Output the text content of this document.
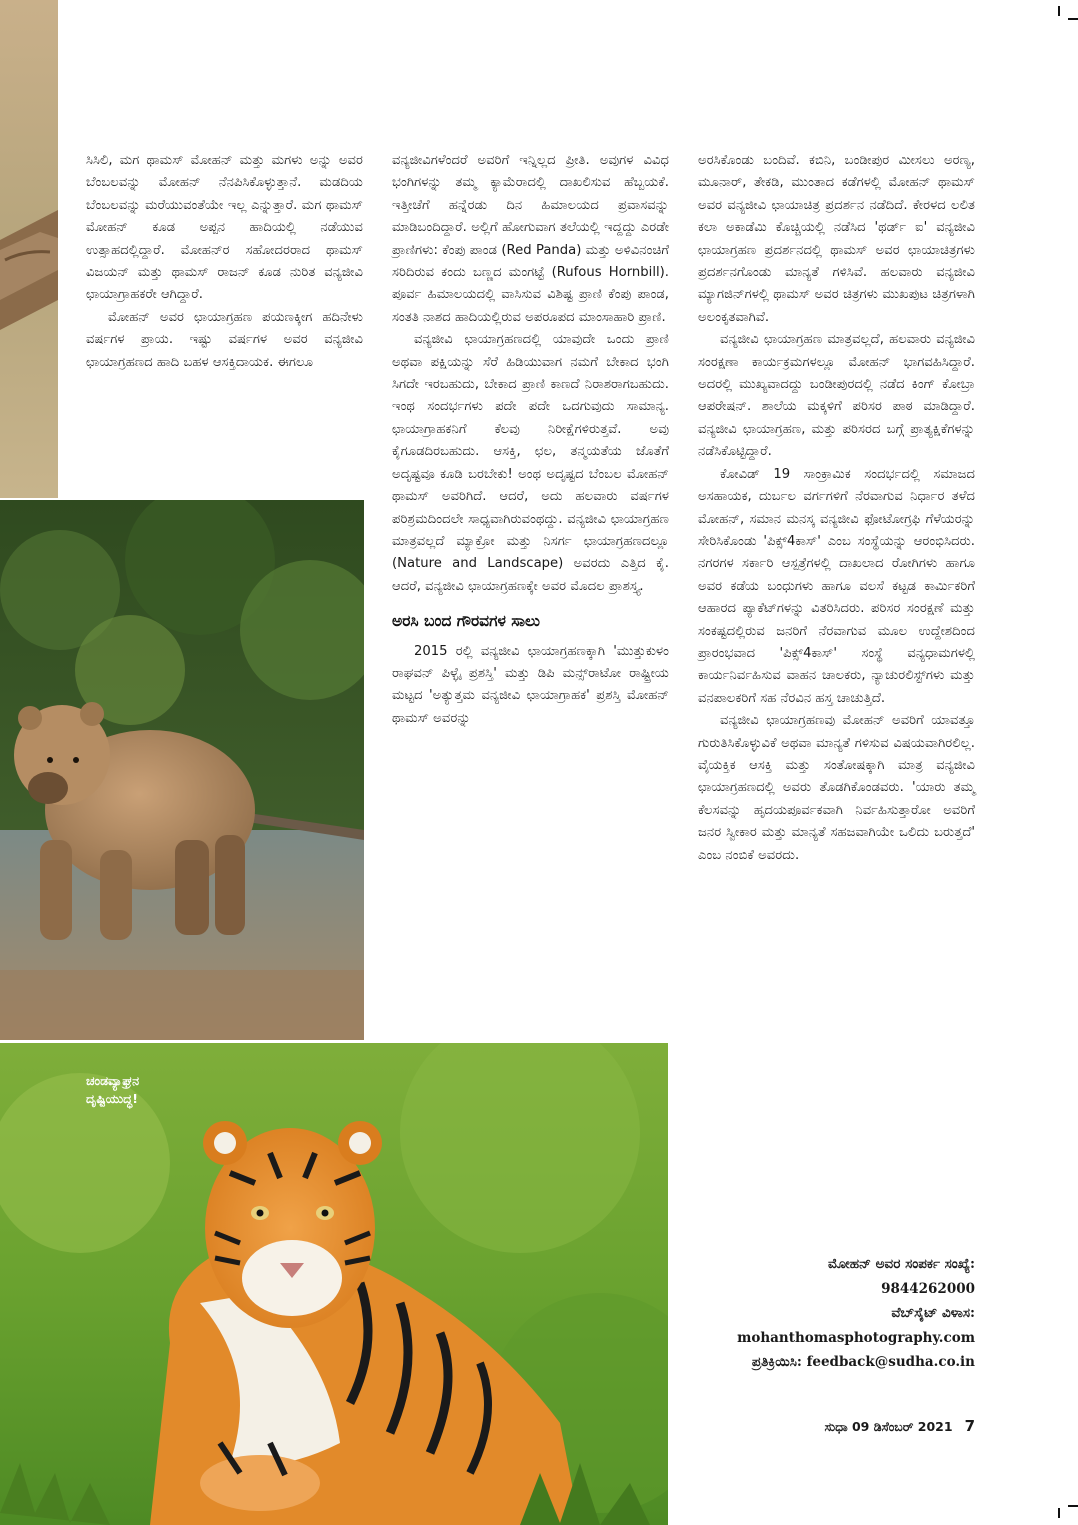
ಚಂಡವ್ಯಾಘ್ರನ
ದೃಷ್ಟಿಯುದ್ಧ!

ಸಿಸಿಲಿ, ಮಗ ಥಾಮಸ್ ಮೋಹನ್ ಮತ್ತು ಮಗಳು ಅನ್ನು ಅವರ ಬೆಂಬಲವನ್ನು ಮೋಹನ್ ನೆನಪಿಸಿಕೊಳ್ಳುತ್ತಾನೆ. ಮಡದಿಯ ಬೆಂಬಲವನ್ನು ಮರೆಯುವಂತೆಯೇ ಇಲ್ಲ ಎನ್ನುತ್ತಾರೆ. ಮಗ ಥಾಮಸ್ ಮೋಹನ್ ಕೂಡ ಅಪ್ಪನ ಹಾದಿಯಲ್ಲಿ ನಡೆಯುವ ಉತ್ಸಾಹದಲ್ಲಿದ್ದಾರೆ. ಮೋಹನ್‌ರ ಸಹೋದರರಾದ ಥಾಮಸ್ ವಿಜಯನ್ ಮತ್ತು ಥಾಮಸ್ ರಾಜನ್ ಕೂಡ ನುರಿತ ವನ್ಯಜೀವಿ ಛಾಯಾಗ್ರಾಹಕರೇ ಆಗಿದ್ದಾರೆ.

ಮೋಹನ್ ಅವರ ಛಾಯಾಗ್ರಹಣ ಪಯಣಕ್ಕೀಗ ಹದಿನೇಳು ವರ್ಷಗಳ ಪ್ರಾಯ. ಇಷ್ಟು ವರ್ಷಗಳ ಅವರ ವನ್ಯಜೀವಿ ಛಾಯಾಗ್ರಹಣದ ಹಾದಿ ಬಹಳ ಆಸಕ್ತಿದಾಯಕ. ಈಗಲೂ

ವನ್ಯಜೀವಿಗಳೆಂದರೆ ಅವರಿಗೆ ಇನ್ನಿಲ್ಲದ ಪ್ರೀತಿ. ಅವುಗಳ ವಿವಿಧ ಭಂಗಿಗಳನ್ನು ತಮ್ಮ ಕ್ಯಾಮೆರಾದಲ್ಲಿ ದಾಖಲಿಸುವ ಹೆಬ್ಬಯಕೆ. ಇತ್ತೀಚೆಗೆ ಹನ್ನೆರಡು ದಿನ ಹಿಮಾಲಯದ ಪ್ರವಾಸವನ್ನು ಮಾಡಿಬಂದಿದ್ದಾರೆ. ಅಲ್ಲಿಗೆ ಹೋಗುವಾಗ ತಲೆಯಲ್ಲಿ ಇದ್ದದ್ದು ಎರಡೇ ಪ್ರಾಣಿಗಳು: ಕೆಂಪು ಪಾಂಡ (Red Panda) ಮತ್ತು ಅಳಿವಿನಂಚಿಗೆ ಸರಿದಿರುವ ಕಂದು ಬಣ್ಣದ ಮಂಗಟ್ಟೆ (Rufous Hornbill). ಪೂರ್ವ ಹಿಮಾಲಯದಲ್ಲಿ ವಾಸಿಸುವ ವಿಶಿಷ್ಟ ಪ್ರಾಣಿ ಕೆಂಪು ಪಾಂಡ, ಸಂತತಿ ನಾಶದ ಹಾದಿಯಲ್ಲಿರುವ ಅಪರೂಪದ ಮಾಂಸಾಹಾರಿ ಪ್ರಾಣಿ.

ವನ್ಯಜೀವಿ ಛಾಯಾಗ್ರಹಣದಲ್ಲಿ ಯಾವುದೇ ಒಂದು ಪ್ರಾಣಿ ಅಥವಾ ಪಕ್ಷಿಯನ್ನು ಸೆರೆ ಹಿಡಿಯುವಾಗ ನಮಗೆ ಬೇಕಾದ ಭಂಗಿ ಸಿಗದೇ ಇರಬಹುದು, ಬೇಕಾದ ಪ್ರಾಣಿ ಕಾಣದೆ ನಿರಾಶರಾಗಬಹುದು. ಇಂಥ ಸಂದರ್ಭಗಳು ಪದೇ ಪದೇ ಒದಗುವುದು ಸಾಮಾನ್ಯ. ಛಾಯಾಗ್ರಾಹಕನಿಗೆ ಕೆಲವು ನಿರೀಕ್ಷೆಗಳಿರುತ್ತವೆ. ಅವು ಕೈಗೂಡದಿರಬಹುದು. ಆಸಕ್ತಿ, ಛಲ, ತನ್ಮಯತೆಯ ಜೊತೆಗೆ ಅದೃಷ್ಟವೂ ಕೂಡಿ ಬರಬೇಕು! ಅಂಥ ಅದೃಷ್ಟದ ಬೆಂಬಲ ಮೋಹನ್ ಥಾಮಸ್ ಅವರಿಗಿದೆ. ಆದರೆ, ಅದು ಹಲವಾರು ವರ್ಷಗಳ ಪರಿಶ್ರಮದಿಂದಲೇ ಸಾಧ್ಯವಾಗಿರುವಂಥದ್ದು. ವನ್ಯಜೀವಿ ಛಾಯಾಗ್ರಹಣ ಮಾತ್ರವಲ್ಲದೆ ಮ್ಯಾಕ್ರೋ ಮತ್ತು ನಿಸರ್ಗ ಛಾಯಾಗ್ರಹಣದಲ್ಲೂ (Nature and Landscape) ಅವರದು ಎತ್ತಿದ ಕೈ. ಆದರೆ, ವನ್ಯಜೀವಿ ಛಾಯಾಗ್ರಹಣಕ್ಕೇ ಅವರ ಮೊದಲ ಪ್ರಾಶಸ್ತ್ಯ.

ಅರಸಿ ಬಂದ ಗೌರವಗಳ ಸಾಲು

2015 ರಲ್ಲಿ ವನ್ಯಜೀವಿ ಛಾಯಾಗ್ರಹಣಕ್ಕಾಗಿ 'ಮುತ್ತುಕುಳಂ ರಾಘವನ್ ಪಿಳ್ಳೈ ಪ್ರಶಸ್ತಿ' ಮತ್ತು ಡಿಪಿ ಮನ್ಸ್‌ರಾಟೋ ರಾಷ್ಟ್ರೀಯ ಮಟ್ಟದ 'ಅತ್ಯುತ್ತಮ ವನ್ಯಜೀವಿ ಛಾಯಾಗ್ರಾಹಕ' ಪ್ರಶಸ್ತಿ ಮೋಹನ್ ಥಾಮಸ್ ಅವರನ್ನು

ಅರಸಿಕೊಂಡು ಬಂದಿವೆ. ಕಬಿನಿ, ಬಂಡೀಪುರ ಮೀಸಲು ಅರಣ್ಯ, ಮೂನಾರ್, ತೇಕಡಿ, ಮುಂತಾದ ಕಡೆಗಳಲ್ಲಿ ಮೋಹನ್ ಥಾಮಸ್ ಅವರ ವನ್ಯಜೀವಿ ಛಾಯಾಚಿತ್ರ ಪ್ರದರ್ಶನ ನಡೆದಿದೆ. ಕೇರಳದ ಲಲಿತ ಕಲಾ ಅಕಾಡೆಮಿ ಕೊಚ್ಚಿಯಲ್ಲಿ ನಡೆಸಿದ 'ಥರ್ಡ್ ಐ' ವನ್ಯಜೀವಿ ಛಾಯಾಗ್ರಹಣ ಪ್ರದರ್ಶನದಲ್ಲಿ ಥಾಮಸ್ ಅವರ ಛಾಯಾಚಿತ್ರಗಳು ಪ್ರದರ್ಶನಗೊಂಡು ಮಾನ್ಯತೆ ಗಳಿಸಿವೆ. ಹಲವಾರು ವನ್ಯಜೀವಿ ಮ್ಯಾಗಜಿನ್‌ಗಳಲ್ಲಿ ಥಾಮಸ್ ಅವರ ಚಿತ್ರಗಳು ಮುಖಪುಟ ಚಿತ್ರಗಳಾಗಿ ಅಲಂಕೃತವಾಗಿವೆ.

ವನ್ಯಜೀವಿ ಛಾಯಾಗ್ರಹಣ ಮಾತ್ರವಲ್ಲದೆ, ಹಲವಾರು ವನ್ಯಜೀವಿ ಸಂರಕ್ಷಣಾ ಕಾರ್ಯಕ್ರಮಗಳಲ್ಲೂ ಮೋಹನ್ ಭಾಗವಹಿಸಿದ್ದಾರೆ. ಅದರಲ್ಲಿ ಮುಖ್ಯವಾದದ್ದು ಬಂಡೀಪುರದಲ್ಲಿ ನಡೆದ ಕಿಂಗ್ ಕೋಬ್ರಾ ಆಪರೇಷನ್. ಶಾಲೆಯ ಮಕ್ಕಳಿಗೆ ಪರಿಸರ ಪಾಠ ಮಾಡಿದ್ದಾರೆ. ವನ್ಯಜೀವಿ ಛಾಯಾಗ್ರಹಣ, ಮತ್ತು ಪರಿಸರದ ಬಗ್ಗೆ ಪ್ರಾತ್ಯಕ್ಷಿಕೆಗಳನ್ನು ನಡೆಸಿಕೊಟ್ಟಿದ್ದಾರೆ.

ಕೋವಿಡ್ 19 ಸಾಂಕ್ರಾಮಿಕ ಸಂದರ್ಭದಲ್ಲಿ ಸಮಾಜದ ಅಸಹಾಯಕ, ದುರ್ಬಲ ವರ್ಗಗಳಿಗೆ ನೆರವಾಗುವ ನಿರ್ಧಾರ ತಳೆದ ಮೋಹನ್, ಸಮಾನ ಮನಸ್ಕ ವನ್ಯಜೀವಿ ಫೋಟೋಗ್ರಫಿ ಗೆಳೆಯರನ್ನು ಸೇರಿಸಿಕೊಂಡು 'ಪಿಕ್ಸ್4ಕಾಸ್' ಎಂಬ ಸಂಸ್ಥೆಯನ್ನು ಆರಂಭಿಸಿದರು. ನಗರಗಳ ಸರ್ಕಾರಿ ಆಸ್ಪತ್ರೆಗಳಲ್ಲಿ ದಾಖಲಾದ ರೋಗಿಗಳು ಹಾಗೂ ಅವರ ಕಡೆಯ ಬಂಧುಗಳು ಹಾಗೂ ವಲಸೆ ಕಟ್ಟಡ ಕಾರ್ಮಿಕರಿಗೆ ಆಹಾರದ ಪ್ಯಾಕೆಟ್‌ಗಳನ್ನು ವಿತರಿಸಿದರು. ಪರಿಸರ ಸಂರಕ್ಷಣೆ ಮತ್ತು ಸಂಕಷ್ಟದಲ್ಲಿರುವ ಜನರಿಗೆ ನೆರವಾಗುವ ಮೂಲ ಉದ್ದೇಶದಿಂದ ಪ್ರಾರಂಭವಾದ 'ಪಿಕ್ಸ್4ಕಾಸ್' ಸಂಸ್ಥೆ ವನ್ಯಧಾಮಗಳಲ್ಲಿ ಕಾರ್ಯನಿರ್ವಹಿಸುವ ವಾಹನ ಚಾಲಕರು, ನ್ಯಾಚುರಲಿಸ್ಟ್‌ಗಳು ಮತ್ತು ವನಪಾಲಕರಿಗೆ ಸಹ ನೆರವಿನ ಹಸ್ತ ಚಾಚುತ್ತಿದೆ.

ವನ್ಯಜೀವಿ ಛಾಯಾಗ್ರಹಣವು ಮೋಹನ್ ಅವರಿಗೆ ಯಾವತ್ತೂ ಗುರುತಿಸಿಕೊಳ್ಳುವಿಕೆ ಅಥವಾ ಮಾನ್ಯತೆ ಗಳಿಸುವ ವಿಷಯವಾಗಿರಲಿಲ್ಲ. ವೈಯಕ್ತಿಕ ಆಸಕ್ತಿ ಮತ್ತು ಸಂತೋಷಕ್ಕಾಗಿ ಮಾತ್ರ ವನ್ಯಜೀವಿ ಛಾಯಾಗ್ರಹಣದಲ್ಲಿ ಅವರು ತೊಡಗಿಕೊಂಡವರು. 'ಯಾರು ತಮ್ಮ ಕೆಲಸವನ್ನು ಹೃದಯಪೂರ್ವಕವಾಗಿ ನಿರ್ವಹಿಸುತ್ತಾರೋ ಅವರಿಗೆ ಜನರ ಸ್ವೀಕಾರ ಮತ್ತು ಮಾನ್ಯತೆ ಸಹಜವಾಗಿಯೇ ಒಲಿದು ಬರುತ್ತದೆ' ಎಂಬ ನಂಬಿಕೆ ಅವರದು.

ಮೋಹನ್ ಅವರ ಸಂಪರ್ಕ ಸಂಖ್ಯೆ:
9844262000
ವೆಬ್‌ಸೈಟ್ ವಿಳಾಸ:
mohanthomasphotography.com
ಪ್ರತಿಕ್ರಿಯಿಸಿ: feedback@sudha.co.in
ಸುಧಾ 09 ಡಿಸೆಂಬರ್ 2021 7
